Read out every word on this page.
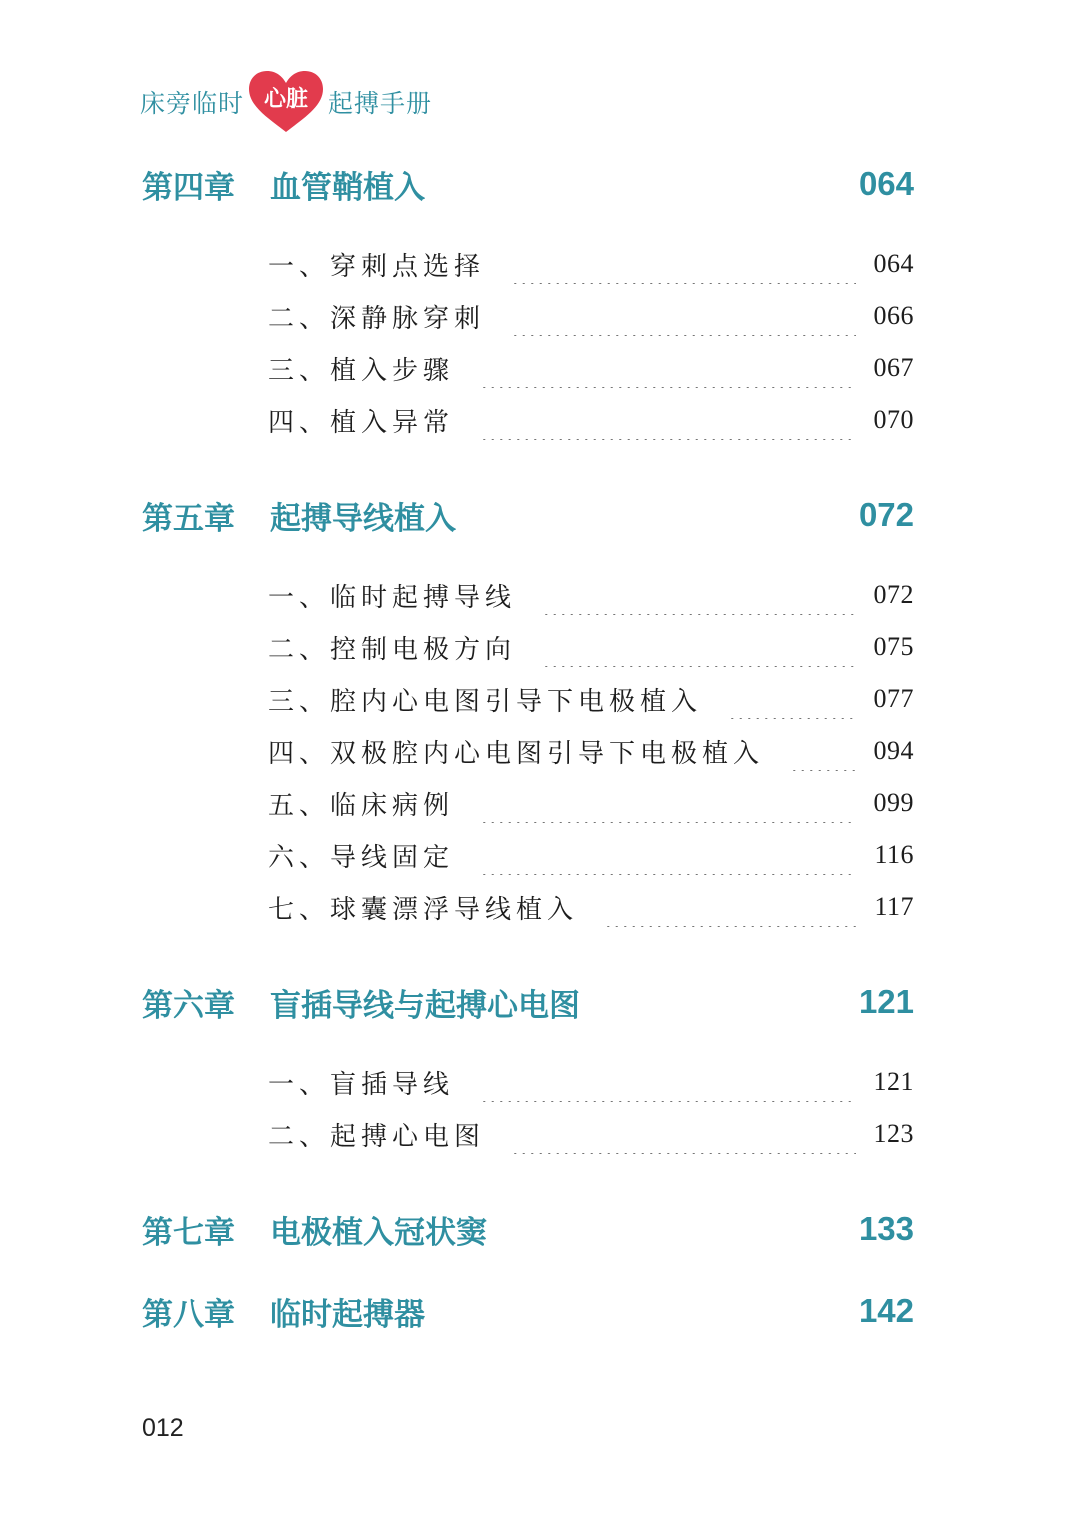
床旁临时 心脏 起搏手册
第四章	血管鞘植入	064
一、穿刺点选择	064
二、深静脉穿刺	066
三、植入步骤	067
四、植入异常	070
第五章	起搏导线植入	072
一、临时起搏导线	072
二、控制电极方向	075
三、腔内心电图引导下电极植入	077
四、双极腔内心电图引导下电极植入	094
五、临床病例	099
六、导线固定	116
七、球囊漂浮导线植入	117
第六章	盲插导线与起搏心电图	121
一、盲插导线	121
二、起搏心电图	123
第七章	电极植入冠状窦	133
第八章	临时起搏器	142
012
